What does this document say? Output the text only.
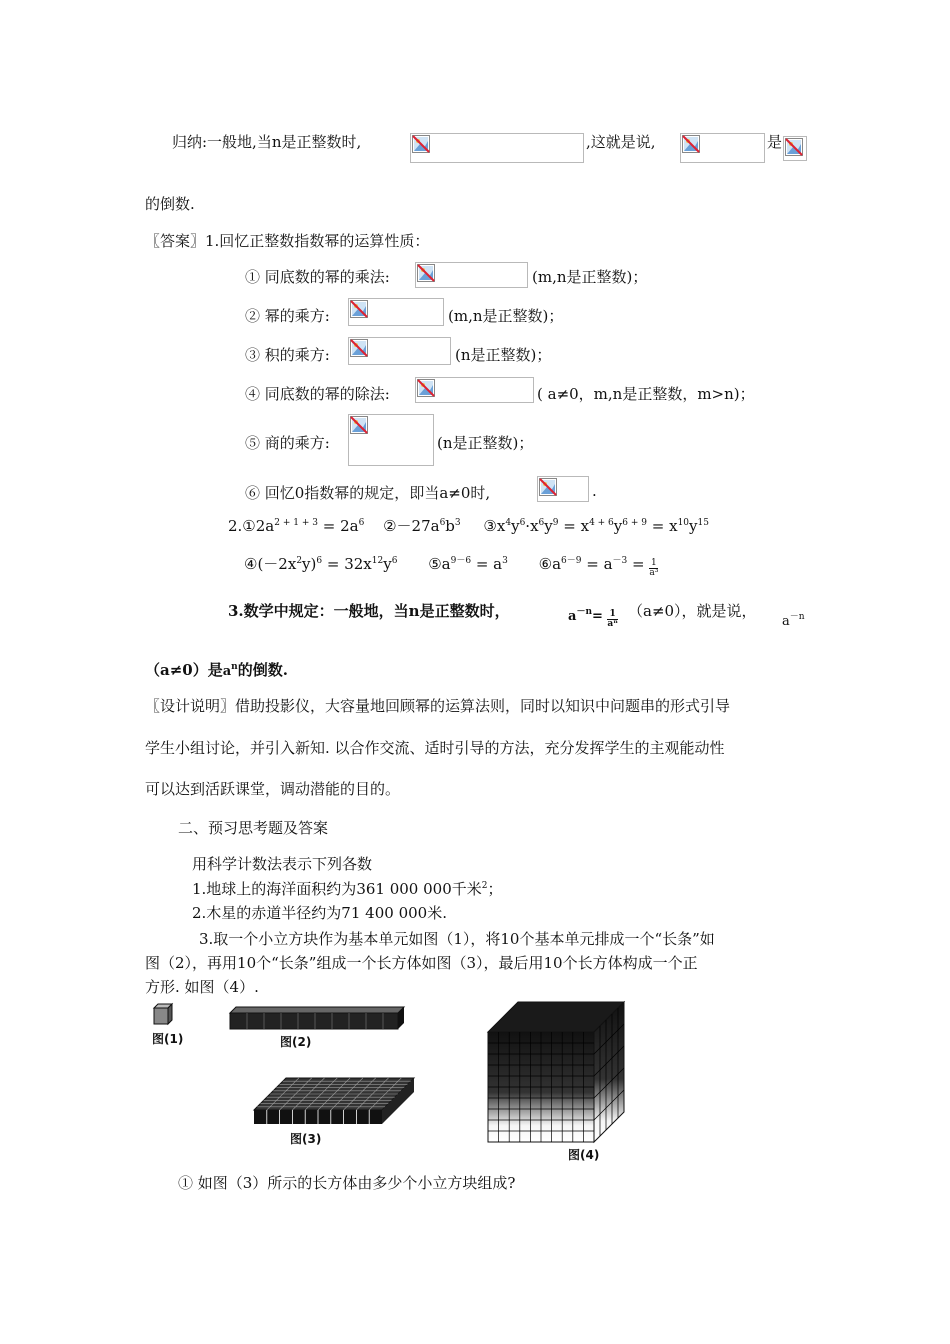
归纳:一般地,当n是正整数时,	,这就是说,	是
的倒数.
〖答案〗1.回忆正整数指数幂的运算性质：
① 同底数的幂的乘法:	(m,n是正整数)；
② 幂的乘方:	(m,n是正整数)；
③ 积的乘方:	(n是正整数)；
④ 同底数的幂的除法:	( a≠0，m,n是正整数，m>n)；
⑤ 商的乘方:	(n是正整数)；
⑥ 回忆0指数幂的规定，即当a≠0时,	.
$2.①2a^{2 + 1 + 3} = 2a^6$ $②-27a^6b^3$ $③x^4y^6\cdot x^6y^9 = x^{4 + 6}y^{6 + 9} = x^{10}y^{15}$
$④(-2x^2y)^6 = 32x^{12}y^6$ $⑤a^{9-6} = a^3$ $⑥a^{6-9} = a^{-3} = \frac{1}{\text{a³}}$
3.数学中规定：一般地，当n是正整数时，	$a^{-n}= \frac{1}{\text{aⁿ}} (a\ne 0)$，就是说，
$a^{-n}$
（a≠0）是$a^n$的倒数.
〖设计说明〗借助投影仪，大容量地回顾幂的运算法则，同时以知识中问题串的形式引导
学生小组讨论，并引入新知. 以合作交流、适时引导的方法，充分发挥学生的主观能动性
可以达到活跃课堂，调动潜能的目的。
二、预习思考题及答案
用科学计数法表示下列各数
1.地球上的海洋面积约为361 000 000千米$^2$；
2.木星的赤道半径约为71 400 000米.
3.取一个小立方块作为基本单元如图（1），将10个基本单元排成一个“长条”如
图（2），再用10个“长条”组成一个长方体如图（3），最后用10个长方体构成一个正
方形. 如图（4）.
图(1)	图(2)
图(3)
图(4)
① 如图（3）所示的长方体由多少个小立方块组成?
